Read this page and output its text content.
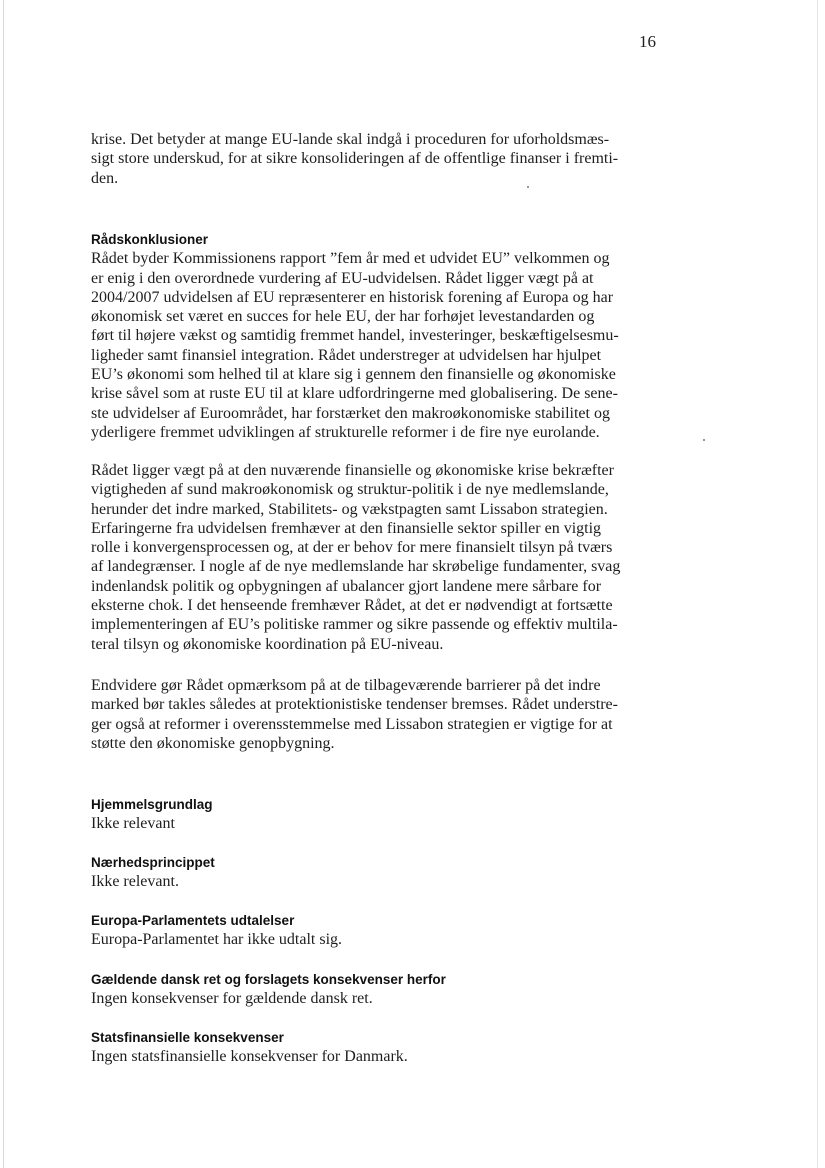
16
krise. Det betyder at mange EU-lande skal indgå i proceduren for uforholdsmæs-
sigt store underskud, for at sikre konsolideringen af de offentlige finanser i fremti-
den.
Rådskonklusioner
Rådet byder Kommissionens rapport ”fem år med et udvidet EU” velkommen og
er enig i den overordnede vurdering af EU-udvidelsen. Rådet ligger vægt på at
2004/2007 udvidelsen af EU repræsenterer en historisk forening af Europa og har
økonomisk set været en succes for hele EU, der har forhøjet levestandarden og
ført til højere vækst og samtidig fremmet handel, investeringer, beskæftigelsesmu-
ligheder samt finansiel integration. Rådet understreger at udvidelsen har hjulpet
EU’s økonomi som helhed til at klare sig i gennem den finansielle og økonomiske
krise såvel som at ruste EU til at klare udfordringerne med globalisering. De sene-
ste udvidelser af Euroområdet, har forstærket den makroøkonomiske stabilitet og
yderligere fremmet udviklingen af strukturelle reformer i de fire nye eurolande.
Rådet ligger vægt på at den nuværende finansielle og økonomiske krise bekræfter
vigtigheden af sund makroøkonomisk og struktur-politik i de nye medlemslande,
herunder det indre marked, Stabilitets- og vækstpagten samt Lissabon strategien.
Erfaringerne fra udvidelsen fremhæver at den finansielle sektor spiller en vigtig
rolle i konvergensprocessen og, at der er behov for mere finansielt tilsyn på tværs
af landegrænser. I nogle af de nye medlemslande har skrøbelige fundamenter, svag
indenlandsk politik og opbygningen af ubalancer gjort landene mere sårbare for
eksterne chok. I det henseende fremhæver Rådet, at det er nødvendigt at fortsætte
implementeringen af EU’s politiske rammer og sikre passende og effektiv multila-
teral tilsyn og økonomiske koordination på EU-niveau.
Endvidere gør Rådet opmærksom på at de tilbageværende barrierer på det indre
marked bør takles således at protektionistiske tendenser bremses. Rådet understre-
ger også at reformer i overensstemmelse med Lissabon strategien er vigtige for at
støtte den økonomiske genopbygning.
Hjemmelsgrundlag
Ikke relevant
Nærhedsprincippet
Ikke relevant.
Europa-Parlamentets udtalelser
Europa-Parlamentet har ikke udtalt sig.
Gældende dansk ret og forslagets konsekvenser herfor
Ingen konsekvenser for gældende dansk ret.
Statsfinansielle konsekvenser
Ingen statsfinansielle konsekvenser for Danmark.
